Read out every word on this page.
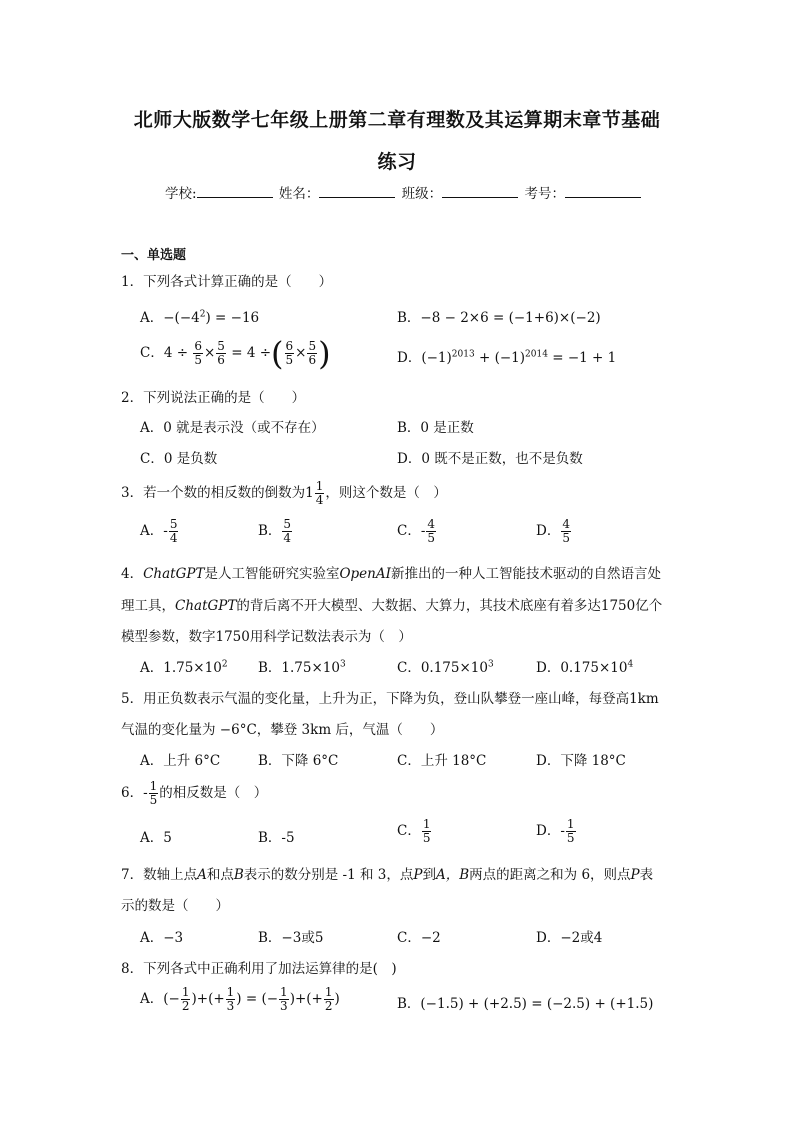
北师大版数学七年级上册第二章有理数及其运算期末章节基础
练习
学校:	姓名：	班级：	考号：
一、单选题
1．下列各式计算正确的是（　　）
A．$-(-4^2) = -16$	B．−8 − 2×6 = (−1+6)×(−2)
C．$4 \div \frac{6}{5} \times \frac{5}{6} = 4$ ÷( $\frac{6}{5} \times \frac{5}{6}$ )	D．$(-1)^{2013} + (-1)^{2014} = -1 + 1$
2．下列说法正确的是（　　）
A．0 就是表示没（或不存在）	B．0 是正数
C．0 是负数	D．0 既不是正数，也不是负数
3．若一个数的相反数的倒数为$1 \frac{1}{4}$ ，则这个数是（　）
A．- $\frac{5}{4}$	B． $\frac{5}{4}$	C．- $\frac{4}{5}$	D． $\frac{4}{5}$
4．ChatGPT是人工智能研究实验室OpenAI新推出的一种人工智能技术驱动的自然语言处
理工具，ChatGPT的背后离不开大模型、大数据、大算力，其技术底座有着多达1750亿个
模型参数，数字1750用科学记数法表示为（　）
A．$1.75\times 10^2$ B．$1.75\times 10^3$	C．$0.175\times 10^3$	D．$0.175\times 10^4$
5．用正负数表示气温的变化量，上升为正，下降为负，登山队攀登一座山峰，每登高1km
气温的变化量为 −6°C，攀登 3km 后，气温（　　）
A．上升 6°C	B．下降 6°C	C．上升 18°C	D．下降 18°C
6．- $\frac{1}{5}$ 的相反数是（　）
A．5	B．-5	C． $\frac{1}{5}$	D．- $\frac{1}{5}$
7．数轴上点A和点B表示的数分别是 -1 和 3，点P到A，B两点的距离之和为 6，则点P表
示的数是（　　）
A．−3	B．−3或5	C．−2	D．−2或4
8．下列各式中正确利用了加法运算律的是(　)
A．(− $\frac{1}{2}$ )+(+ $\frac{1}{3}$ ) = (− $\frac{1}{3}$ )+(+ $\frac{1}{2}$ )	B．(−1.5) + (+2.5) = (−2.5) + (+1.5)
